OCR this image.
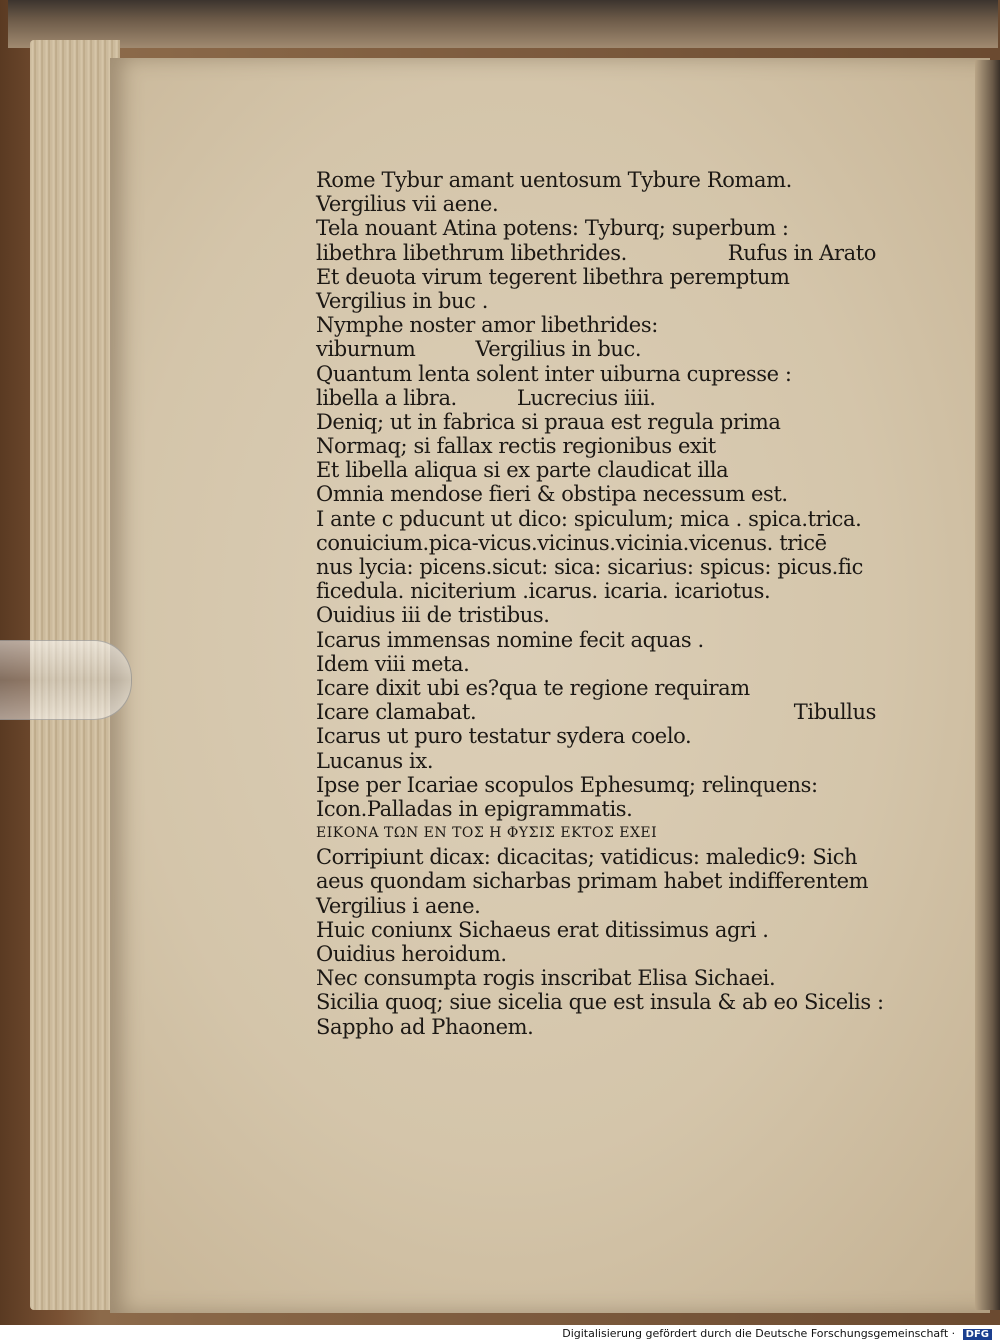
Rome Tybur amant uentosum Tybure Romam.
Vergilius vii aene.
Tela nouant Atina potens: Tyburq; superbum :
libethra libethrum libethrides.	Rufus in Arato
Et deuota virum tegerent libethra peremptum
Vergilius in buc .
Nymphe noster amor libethrides:
viburnum	Vergilius in buc.
Quantum lenta solent inter uiburna cupresse :
libella a libra.	Lucrecius iiii.
Deniq; ut in fabrica si praua est regula prima
Normaq; si fallax rectis regionibus exit
Et libella aliqua si ex parte claudicat illa
Omnia mendose fieri & obstipa necessum est.
I ante c pducunt ut dico: spiculum; mica . spica.trica.
conuicium.pica-vicus.vicinus.vicinia.vicenus. tricē
nus lycia: picens.sicut: sica: sicarius: spicus: picus.fic
ficedula. niciterium .icarus. icaria. icariotus.
Ouidius iii de tristibus.
Icarus immensas nomine fecit aquas .
Idem viii meta.
Icare dixit ubi es?qua te regione requiram
Icare clamabat.	Tibullus
Icarus ut puro testatur sydera coelo.
Lucanus ix.
Ipse per Icariae scopulos Ephesumq; relinquens:
Icon.Palladas in epigrammatis.
ΕΙΚΟΝΑ ΤΩΝ ΕΝ ΤΟΣ Η ΦΥΣΙΣ ΕΚΤΟΣ ΕΧΕΙ
Corripiunt dicax: dicacitas; vatidicus: maledic9: Sich
aeus quondam sicharbas primam habet indifferentem
Vergilius i aene.
Huic coniunx Sichaeus erat ditissimus agri .
Ouidius heroidum.
Nec consumpta rogis inscribat Elisa Sichaei.
Sicilia quoq; siue sicelia que est insula & ab eo Sicelis :
Sappho ad Phaonem.
Digitalisierung gefördert durch die Deutsche Forschungsgemeinschaft · DFG
